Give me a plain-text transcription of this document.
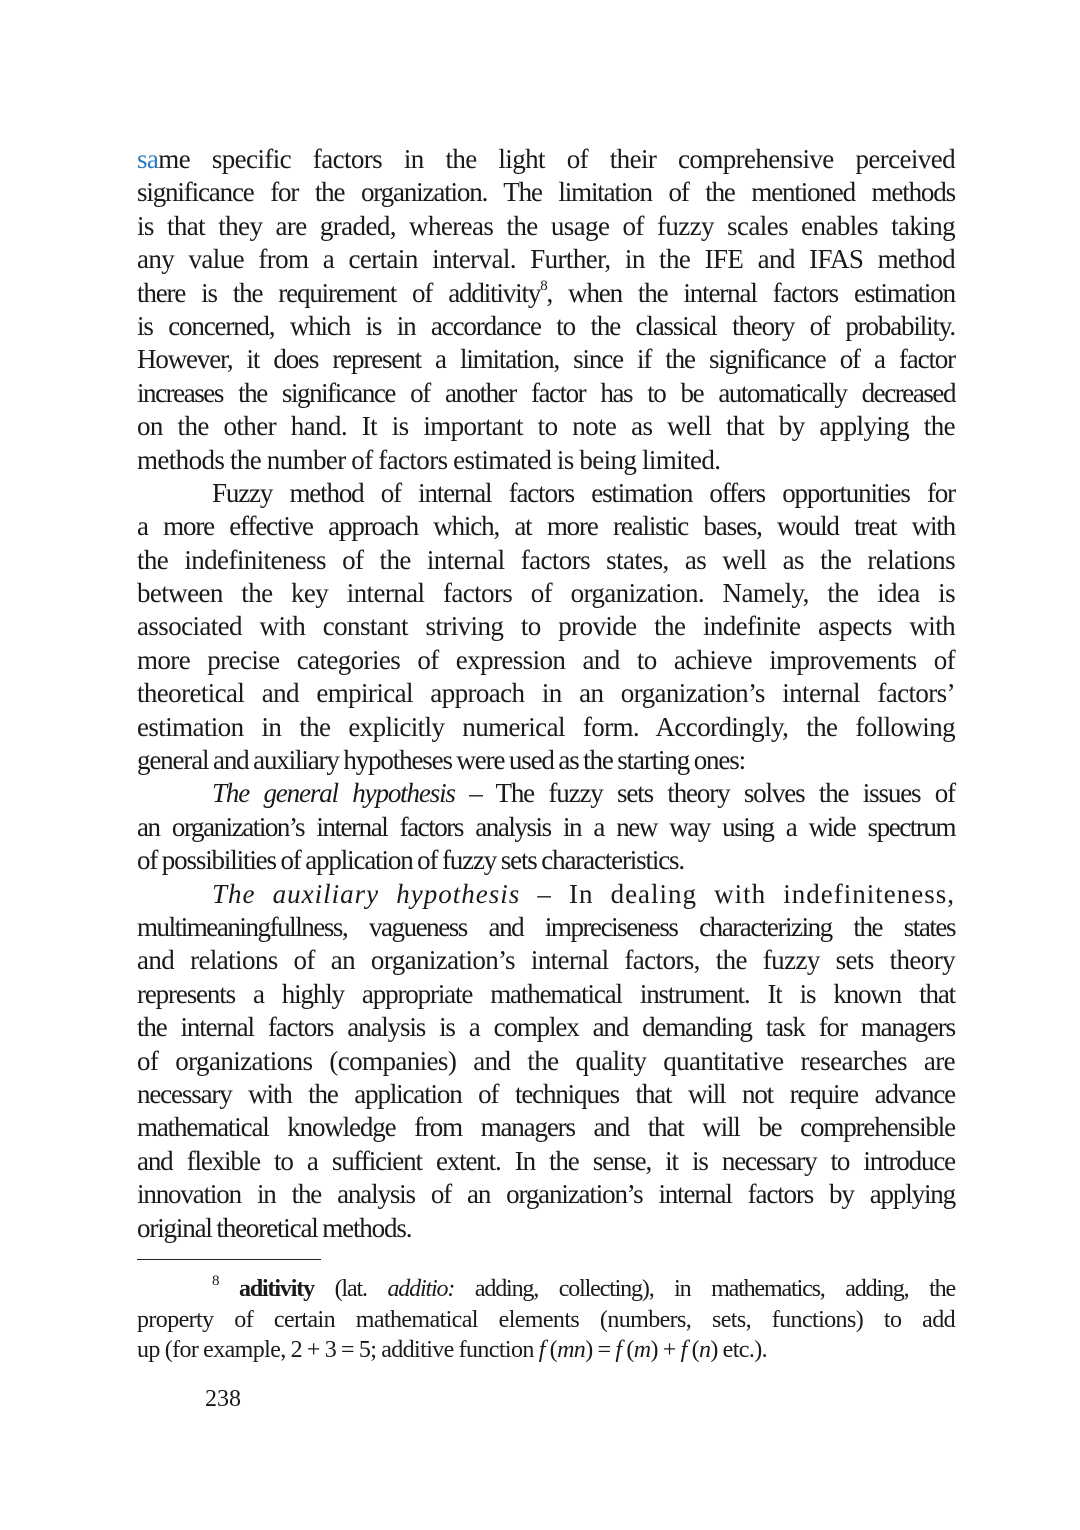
same specific factors in the light of their comprehensive perceived
significance for the organization. The limitation of the mentioned methods
is that they are graded, whereas the usage of fuzzy scales enables taking
any value from a certain interval. Further, in the IFE and IFAS method
there is the requirement of additivity$^8$, when the internal factors estimation
is concerned, which is in accordance to the classical theory of probability.
However, it does represent a limitation, since if the significance of a factor
increases the significance of another factor has to be automatically decreased
on the other hand. It is important to note as well that by applying the
methods the number of factors estimated is being limited.
Fuzzy method of internal factors estimation offers opportunities for
a more effective approach which, at more realistic bases, would treat with
the indefiniteness of the internal factors states, as well as the relations
between the key internal factors of organization. Namely, the idea is
associated with constant striving to provide the indefinite aspects with
more precise categories of expression and to achieve improvements of
theoretical and empirical approach in an organization’s internal factors’
estimation in the explicitly numerical form. Accordingly, the following
general and auxiliary hypotheses were used as the starting ones:
The general hypothesis – The fuzzy sets theory solves the issues of
an organization’s internal factors analysis in a new way using a wide spectrum
of possibilities of application of fuzzy sets characteristics.
The auxiliary hypothesis – In dealing with indefiniteness,
multimeaningfullness, vagueness and impreciseness characterizing the states
and relations of an organization’s internal factors, the fuzzy sets theory
represents a highly appropriate mathematical instrument. It is known that
the internal factors analysis is a complex and demanding task for managers
of organizations (companies) and the quality quantitative researches are
necessary with the application of techniques that will not require advance
mathematical knowledge from managers and that will be comprehensible
and flexible to a sufficient extent. In the sense, it is necessary to introduce
innovation in the analysis of an organization’s internal factors by applying
original theoretical methods.
$^8$ aditivity (lat. additio: adding, collecting), in mathematics, adding, the
property of certain mathematical elements (numbers, sets, functions) to add
up (for example, 2 + 3 = 5; additive function f (mn) = f (m) + f (n) etc.).
238
